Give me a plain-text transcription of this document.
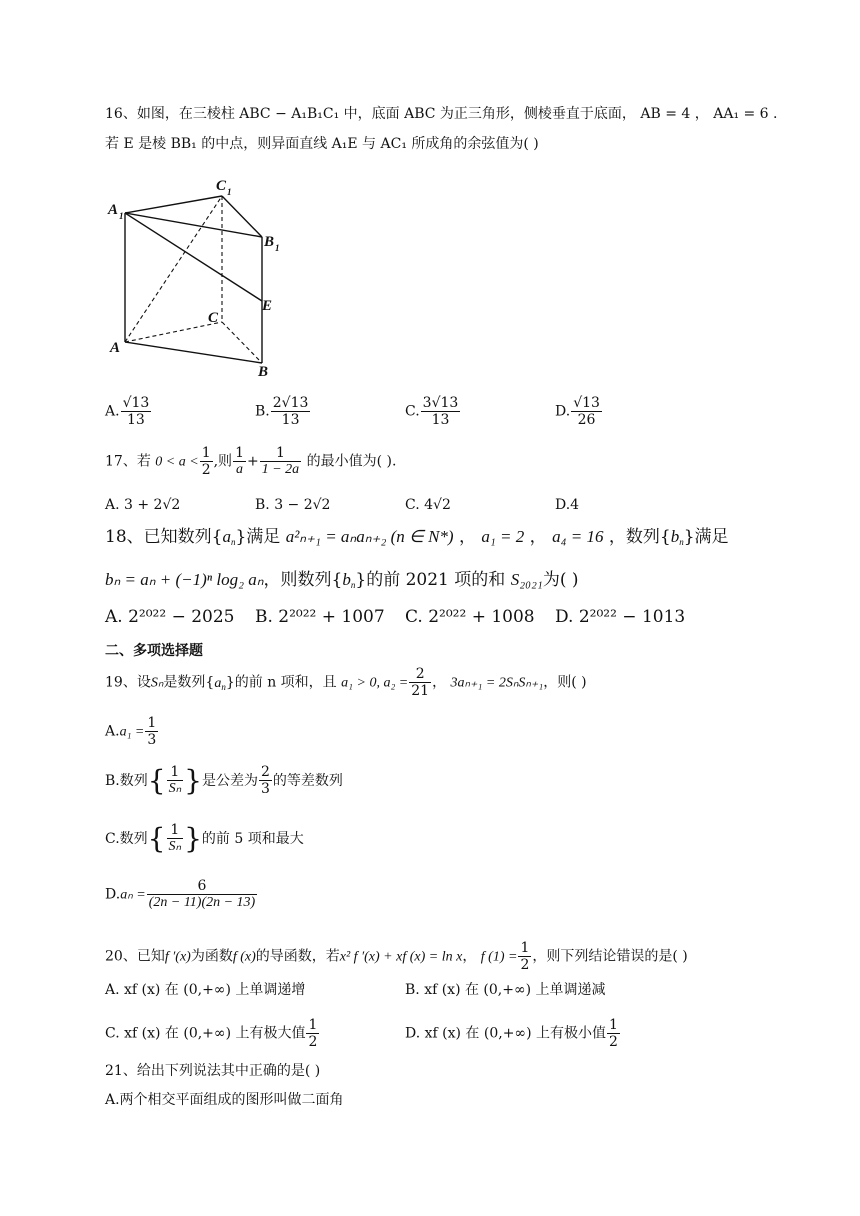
16、如图，在三棱柱 ABC − A₁B₁C₁ 中，底面 ABC 为正三角形，侧棱垂直于底面， AB = 4 ， AA₁ = 6 .
若 E 是棱 BB₁ 的中点，则异面直线 A₁E 与 AC₁ 所成角的余弦值为( )
A 1
C 1
B 1
E
C
A
B
A. $\frac{√13}{13}$	B. $\frac{2√13}{13}$	C. $\frac{3√13}{13}$	D. $\frac{√13}{26}$
17、若 $0 < a < \frac{1}{2}$ ,则 $\frac{1}{a} + \frac{1}{1 - 2a}$ 的最小值为( ).
A. 3 + 2√2	B. 3 − 2√2	C. 4√2	D.4
18、已知数列$\{a_n\}$满足 a²ₙ₊₁ = aₙaₙ₊₂ (n ∈ N*) ， a₁ = 2 ， a₄ = 16 ，数列$\{b_n\}$满足
bₙ = aₙ + (−1)ⁿ log₂ aₙ，则数列$\{b_n\}$的前 2021 项的和 S₂₀₂₁为( )
A. 2²⁰²² − 2025 B. 2²⁰²² + 1007 C. 2²⁰²² + 1008 D. 2²⁰²² − 1013
二、多项选择题
19、设Sₙ是数列$\{a_n\}$的前 n 项和，且 a₁ > 0, $a_2 = \frac{2}{21}$ ， 3aₙ₊₁ = 2SₙSₙ₊₁，则( )
$A.a_1 = \frac{1}{3}$
B.数列{ $\frac{1}{\text{Sₙ}}$ }是公差为 $\frac{2}{3}$ 的等差数列
C.数列{ $\frac{1}{\text{Sₙ}}$ }的前 5 项和最大
$D.a_n = \frac{6}{(2n - 11)(2n - 13)}$
20、已知f ′(x)为函数f (x)的导函数，若x² f ′(x) + xf (x) = ln x， f $(1) = \frac{1}{2}$ ，则下列结论错误的是( )
A. xf (x) 在 (0,+∞) 上单调递增	B. xf (x) 在 (0,+∞) 上单调递减
C. xf (x) 在 (0,+∞) 上有极大值 $\frac{1}{2}$	D. xf (x) 在 (0,+∞) 上有极小值 $\frac{1}{2}$
21、给出下列说法其中正确的是( )
A.两个相交平面组成的图形叫做二面角
